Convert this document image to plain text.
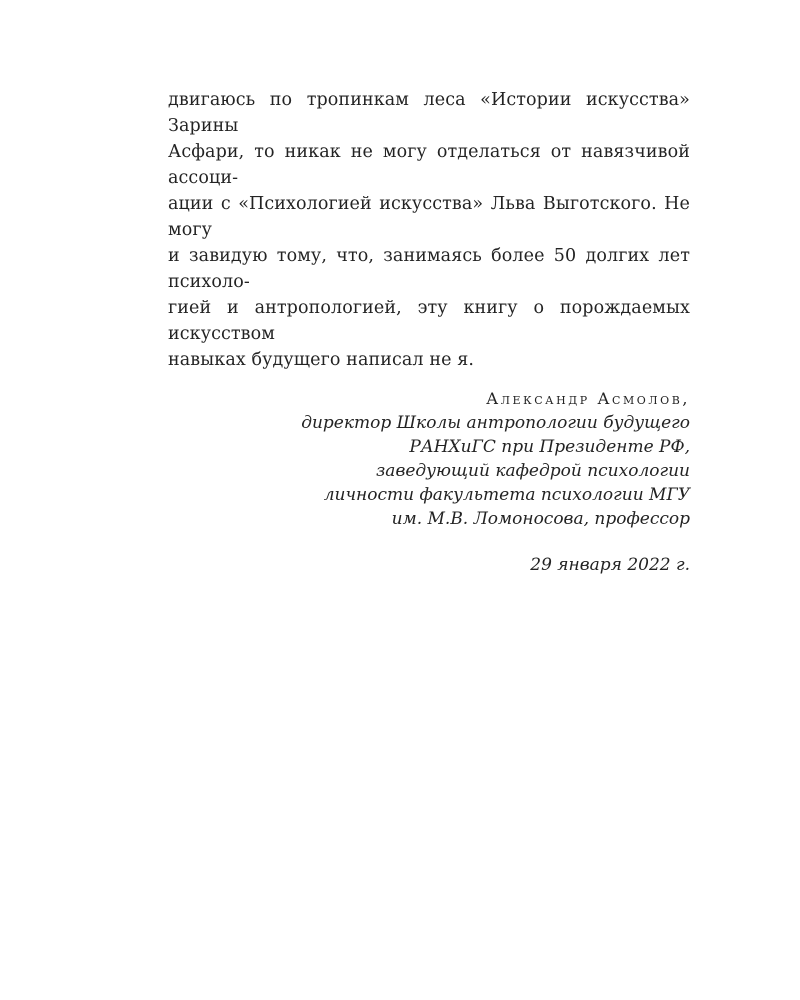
двигаюсь по тропинкам леса «Истории искусства» Зарины
Асфари, то никак не могу отделаться от навязчивой ассоци-
ации с «Психологией искусства» Льва Выготского. Не могу
и завидую тому, что, занимаясь более 50 долгих лет психоло-
гией и антропологией, эту книгу о порождаемых искусством
навыках будущего написал не я.
Александр Асмолов,
директор Школы антропологии будущего
РАНХиГС при Президенте РФ,
заведующий кафедрой психологии
личности факультета психологии МГУ
им. М.В. Ломоносова, профессор
29 января 2022 г.
